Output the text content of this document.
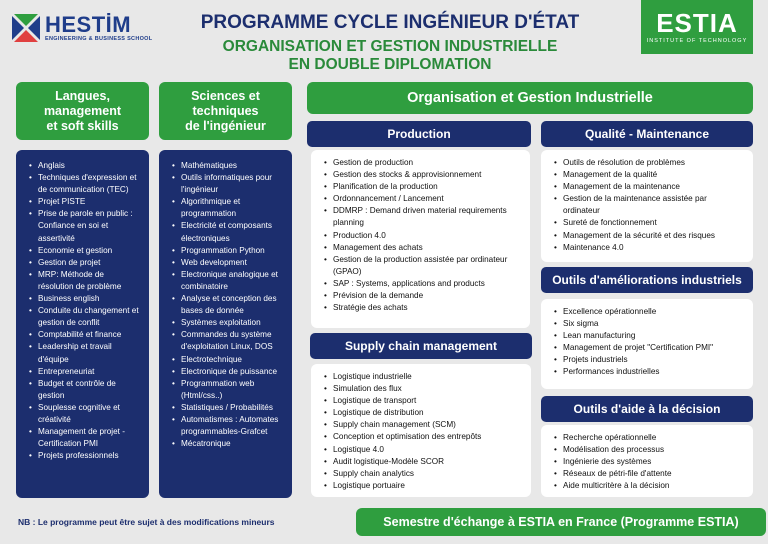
HESTİM
ENGINEERING & BUSINESS SCHOOL
PROGRAMME CYCLE INGÉNIEUR D'ÉTAT
ORGANISATION ET GESTION INDUSTRIELLE
EN DOUBLE DIPLOMATION
ESTIA
INSTITUTE OF TECHNOLOGY
Langues,
management
et soft skills
• Anglais
• Techniques d'expression et de communication (TEC)
• Projet PISTE
• Prise de parole en public : Confiance en soi et assertivité
• Economie et gestion
• Gestion de projet
• MRP: Méthode de résolution de problème
• Business english
• Conduite du changement et gestion de conflit
• Comptabilité et finance
• Leadership et travail d'équipe
• Entrepreneuriat
• Budget et contrôle de gestion
• Souplesse cognitive et créativité
• Management de projet - Certification PMI
• Projets professionnels
Sciences et
techniques
de l'ingénieur
• Mathématiques
• Outils informatiques pour l'ingénieur
• Algorithmique et programmation
• Electricité et composants électroniques
• Programmation Python
• Web development
• Electronique analogique et combinatoire
• Analyse et conception des bases de donnée
• Systèmes exploitation
• Commandes du système d'exploitation Linux, DOS
• Electrotechnique
• Electronique de puissance
• Programmation web (Html/css..)
• Statistiques / Probabilités
• Automatismes : Automates programmables-Grafcet
• Mécatronique
Organisation et Gestion Industrielle
Production
• Gestion de production
• Gestion des stocks & approvisionnement
• Planification de la production
• Ordonnancement / Lancement
• DDMRP : Demand driven material requirements planning
• Production 4.0
• Management des achats
• Gestion de la production assistée par ordinateur (GPAO)
• SAP : Systems, applications and products
• Prévision de la demande
• Stratégie des achats
Supply chain management
• Logistique industrielle
• Simulation des flux
• Logistique de transport
• Logistique de distribution
• Supply chain management (SCM)
• Conception et optimisation des entrepôts
• Logistique 4.0
• Audit logistique-Modèle SCOR
• Supply chain analytics
• Logistique portuaire
Qualité - Maintenance
• Outils de résolution de problèmes
• Management de la qualité
• Management de la maintenance
• Gestion de la maintenance assistée par ordinateur
• Sureté de fonctionnement
• Management de la sécurité et des risques
• Maintenance 4.0
Outils d'améliorations industriels
• Excellence opérationnelle
• Six sigma
• Lean manufacturing
• Management de projet "Certification PMI"
• Projets industriels
• Performances industrielles
Outils d'aide à la décision
• Recherche opérationnelle
• Modélisation des processus
• Ingénierie des systèmes
• Réseaux de pétri-file d'attente
• Aide multicritère à la décision
NB : Le programme peut être sujet à des modifications mineurs	Semestre d'échange à ESTIA en France (Programme ESTIA)
